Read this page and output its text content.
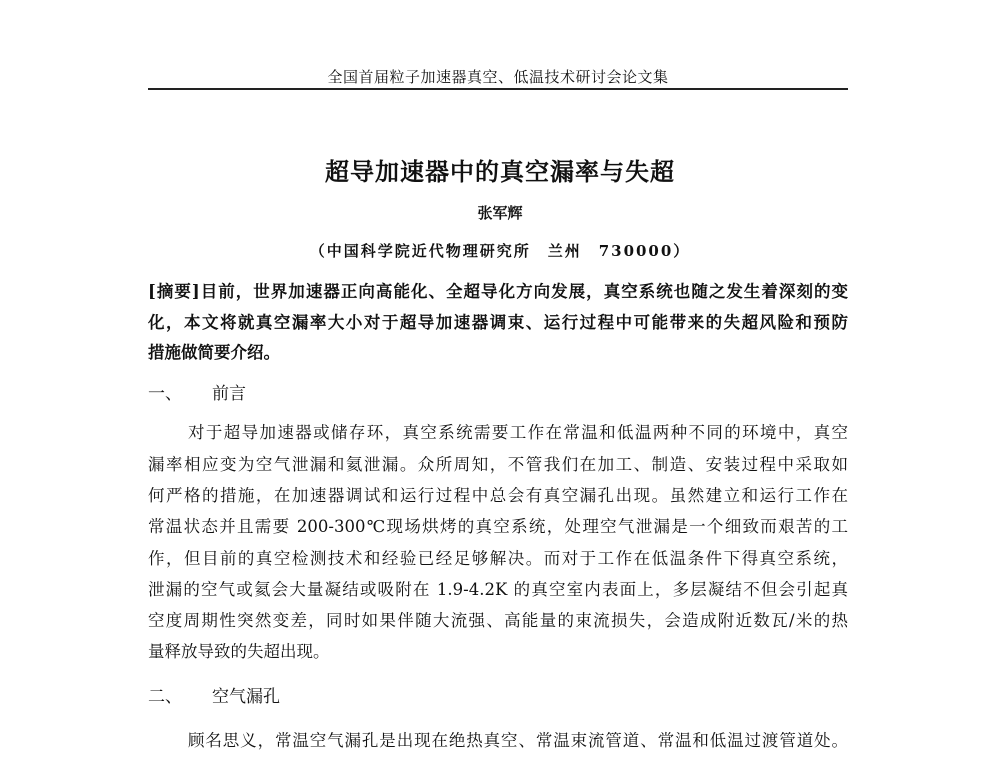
全国首届粒子加速器真空、低温技术研讨会论文集
超导加速器中的真空漏率与失超
张军辉
（中国科学院近代物理研究所　兰州　730000）
[摘要]目前，世界加速器正向高能化、全超导化方向发展，真空系统也随之发生着深刻的变
化，本文将就真空漏率大小对于超导加速器调束、运行过程中可能带来的失超风险和预防
措施做简要介绍。
一、 前言
对于超导加速器或储存环，真空系统需要工作在常温和低温两种不同的环境中，真空
漏率相应变为空气泄漏和氦泄漏。众所周知，不管我们在加工、制造、安装过程中采取如
何严格的措施，在加速器调试和运行过程中总会有真空漏孔出现。虽然建立和运行工作在
常温状态并且需要 200-300℃现场烘烤的真空系统，处理空气泄漏是一个细致而艰苦的工
作，但目前的真空检测技术和经验已经足够解决。而对于工作在低温条件下得真空系统，
泄漏的空气或氦会大量凝结或吸附在 1.9-4.2K 的真空室内表面上，多层凝结不但会引起真
空度周期性突然变差，同时如果伴随大流强、高能量的束流损失，会造成附近数瓦/米的热
量释放导致的失超出现。
二、 空气漏孔
顾名思义，常温空气漏孔是出现在绝热真空、常温束流管道、常温和低温过渡管道处。
